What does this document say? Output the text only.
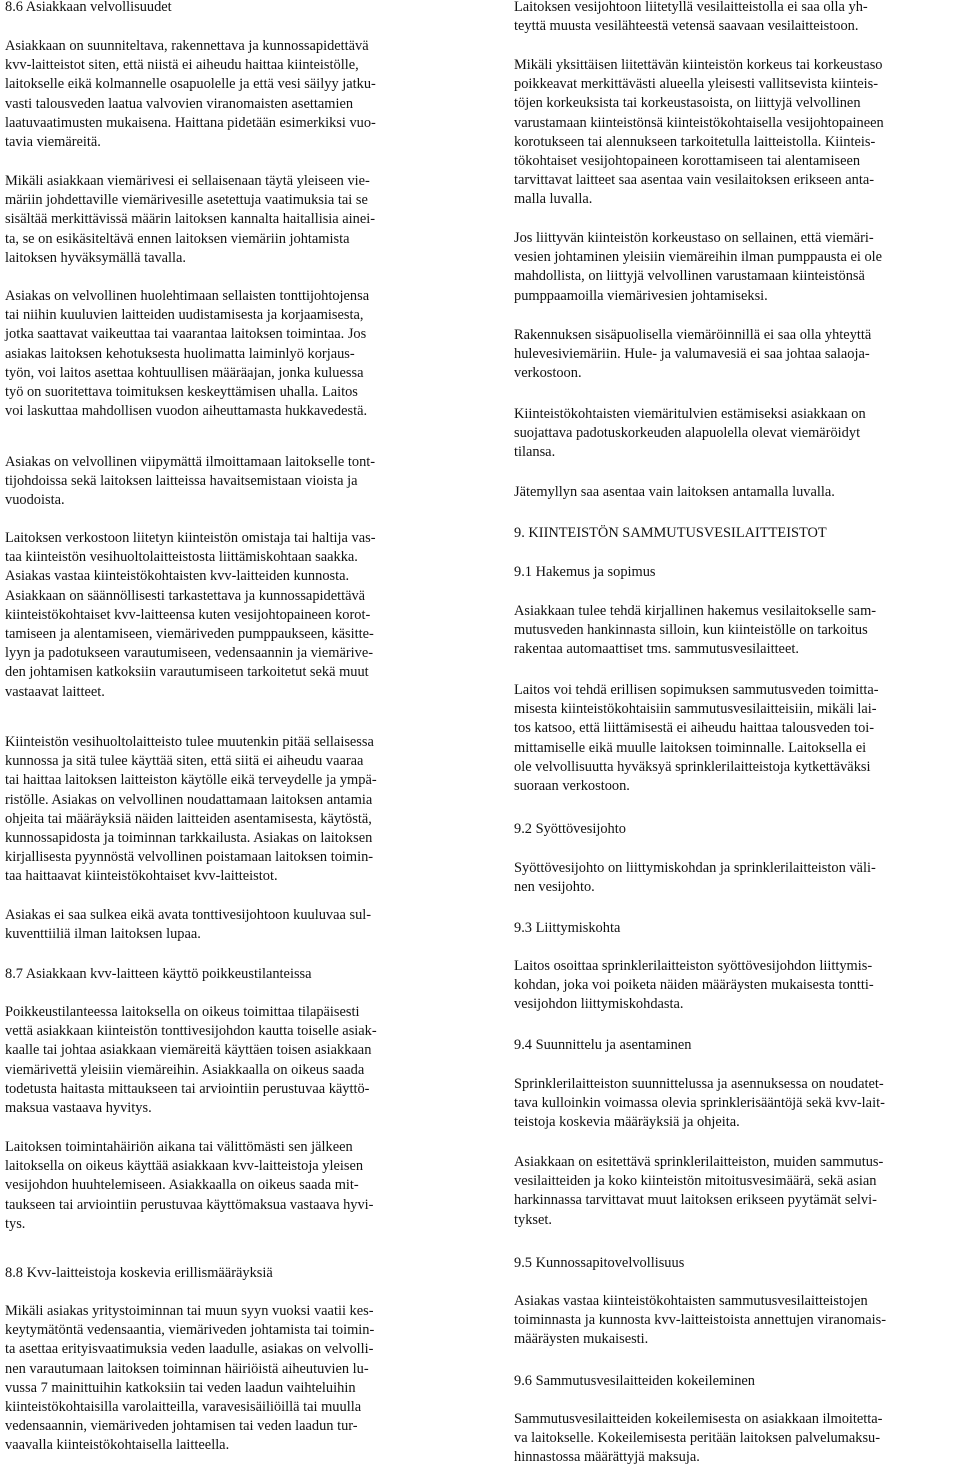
8.6 Asiakkaan velvollisuudet
Asiakkaan on suunniteltava, rakennettava ja kunnossapidettävä
kvv-laitteistot siten, että niistä ei aiheudu haittaa kiinteistölle,
laitokselle eikä kolmannelle osapuolelle ja että vesi säilyy jatku-
vasti talousveden laatua valvovien viranomaisten asettamien
laatuvaatimusten mukaisena. Haittana pidetään esimerkiksi vuo-
tavia viemäreitä.
Mikäli asiakkaan viemärivesi ei sellaisenaan täytä yleiseen vie-
märiin johdettaville viemärivesille asetettuja vaatimuksia tai se
sisältää merkittävissä määrin laitoksen kannalta haitallisia ainei-
ta, se on esikäsiteltävä ennen laitoksen viemäriin johtamista
laitoksen hyväksymällä tavalla.
Asiakas on velvollinen huolehtimaan sellaisten tonttijohtojensa
tai niihin kuuluvien laitteiden uudistamisesta ja korjaamisesta,
jotka saattavat vaikeuttaa tai vaarantaa laitoksen toimintaa. Jos
asiakas laitoksen kehotuksesta huolimatta laiminlyö korjaus-
työn, voi laitos asettaa kohtuullisen määräajan, jonka kuluessa
työ on suoritettava toimituksen keskeyttämisen uhalla. Laitos
voi laskuttaa mahdollisen vuodon aiheuttamasta hukkavedestä.
Asiakas on velvollinen viipymättä ilmoittamaan laitokselle tont-
tijohdoissa sekä laitoksen laitteissa havaitsemistaan vioista ja
vuodoista.
Laitoksen verkostoon liitetyn kiinteistön omistaja tai haltija vas-
taa kiinteistön vesihuoltolaitteistosta liittämiskohtaan saakka.
Asiakas vastaa kiinteistökohtaisten kvv-laitteiden kunnosta.
Asiakkaan on säännöllisesti tarkastettava ja kunnossapidettävä
kiinteistökohtaiset kvv-laitteensa kuten vesijohtopaineen korot-
tamiseen ja alentamiseen, viemäriveden pumppaukseen, käsitte-
lyyn ja padotukseen varautumiseen, vedensaannin ja viemärive-
den johtamisen katkoksiin varautumiseen tarkoitetut sekä muut
vastaavat laitteet.
Kiinteistön vesihuoltolaitteisto tulee muutenkin pitää sellaisessa
kunnossa ja sitä tulee käyttää siten, että siitä ei aiheudu vaaraa
tai haittaa laitoksen laitteiston käytölle eikä terveydelle ja ympä-
ristölle. Asiakas on velvollinen noudattamaan laitoksen antamia
ohjeita tai määräyksiä näiden laitteiden asentamisesta, käytöstä,
kunnossapidosta ja toiminnan tarkkailusta. Asiakas on laitoksen
kirjallisesta pyynnöstä velvollinen poistamaan laitoksen toimin-
taa haittaavat kiinteistökohtaiset kvv-laitteistot.
Asiakas ei saa sulkea eikä avata tonttivesijohtoon kuuluvaa sul-
kuventtiiliä ilman laitoksen lupaa.
8.7 Asiakkaan kvv-laitteen käyttö poikkeustilanteissa
Poikkeustilanteessa laitoksella on oikeus toimittaa tilapäisesti
vettä asiakkaan kiinteistön tonttivesijohdon kautta toiselle asiak-
kaalle tai johtaa asiakkaan viemäreitä käyttäen toisen asiakkaan
viemärivettä yleisiin viemäreihin. Asiakkaalla on oikeus saada
todetusta haitasta mittaukseen tai arviointiin perustuvaa käyttö-
maksua vastaava hyvitys.
Laitoksen toimintahäiriön aikana tai välittömästi sen jälkeen
laitoksella on oikeus käyttää asiakkaan kvv-laitteistoja yleisen
vesijohdon huuhtelemiseen. Asiakkaalla on oikeus saada mit-
taukseen tai arviointiin perustuvaa käyttömaksua vastaava hyvi-
tys.
8.8 Kvv-laitteistoja koskevia erillismääräyksiä
Mikäli asiakas yritystoiminnan tai muun syyn vuoksi vaatii kes-
keytymätöntä vedensaantia, viemäriveden johtamista tai toimin-
ta asettaa erityisvaatimuksia veden laadulle, asiakas on velvolli-
nen varautumaan laitoksen toiminnan häiriöistä aiheutuvien lu-
vussa 7 mainittuihin katkoksiin tai veden laadun vaihteluihin
kiinteistökohtaisilla varolaitteilla, varavesisäiliöillä tai muulla
vedensaannin, viemäriveden johtamisen tai veden laadun tur-
vaavalla kiinteistökohtaisella laitteella.
Laitoksen vesijohtoon liitetyllä vesilaitteistolla ei saa olla yh-
teyttä muusta vesilähteestä vetensä saavaan vesilaitteistoon.
Mikäli yksittäisen liitettävän kiinteistön korkeus tai korkeustaso
poikkeavat merkittävästi alueella yleisesti vallitsevista kiinteis-
töjen korkeuksista tai korkeustasoista, on liittyjä velvollinen
varustamaan kiinteistönsä kiinteistökohtaisella vesijohtopaineen
korotukseen tai alennukseen tarkoitetulla laitteistolla. Kiinteis-
tökohtaiset vesijohtopaineen korottamiseen tai alentamiseen
tarvittavat laitteet saa asentaa vain vesilaitoksen erikseen anta-
malla luvalla.
Jos liittyvän kiinteistön korkeustaso on sellainen, että viemäri-
vesien johtaminen yleisiin viemäreihin ilman pumppausta ei ole
mahdollista, on liittyjä velvollinen varustamaan kiinteistönsä
pumppaamoilla viemärivesien johtamiseksi.
Rakennuksen sisäpuolisella viemäröinnillä ei saa olla yhteyttä
hulevesiviemäriin. Hule- ja valumavesiä ei saa johtaa salaoja-
verkostoon.
Kiinteistökohtaisten viemäritulvien estämiseksi asiakkaan on
suojattava padotuskorkeuden alapuolella olevat viemäröidyt
tilansa.
Jätemyllyn saa asentaa vain laitoksen antamalla luvalla.
9. KIINTEISTÖN SAMMUTUSVESILAITTEISTOT
9.1 Hakemus ja sopimus
Asiakkaan tulee tehdä kirjallinen hakemus vesilaitokselle sam-
mutusveden hankinnasta silloin, kun kiinteistölle on tarkoitus
rakentaa automaattiset tms. sammutusvesilaitteet.
Laitos voi tehdä erillisen sopimuksen sammutusveden toimitta-
misesta kiinteistökohtaisiin sammutusvesilaitteisiin, mikäli lai-
tos katsoo, että liittämisestä ei aiheudu haittaa talousveden toi-
mittamiselle eikä muulle laitoksen toiminnalle. Laitoksella ei
ole velvollisuutta hyväksyä sprinklerilaitteistoja kytkettäväksi
suoraan verkostoon.
9.2 Syöttövesijohto
Syöttövesijohto on liittymiskohdan ja sprinklerilaitteiston väli-
nen vesijohto.
9.3 Liittymiskohta
Laitos osoittaa sprinklerilaitteiston syöttövesijohdon liittymis-
kohdan, joka voi poiketa näiden määräysten mukaisesta tontti-
vesijohdon liittymiskohdasta.
9.4 Suunnittelu ja asentaminen
Sprinklerilaitteiston suunnittelussa ja asennuksessa on noudatet-
tava kulloinkin voimassa olevia sprinklerisääntöjä sekä kvv-lait-
teistoja koskevia määräyksiä ja ohjeita.
Asiakkaan on esitettävä sprinklerilaitteiston, muiden sammutus-
vesilaitteiden ja koko kiinteistön mitoitusvesimäärä, sekä asian
harkinnassa tarvittavat muut laitoksen erikseen pyytämät selvi-
tykset.
9.5 Kunnossapitovelvollisuus
Asiakas vastaa kiinteistökohtaisten sammutusvesilaitteistojen
toiminnasta ja kunnosta kvv-laitteistoista annettujen viranomais-
määräysten mukaisesti.
9.6 Sammutusvesilaitteiden kokeileminen
Sammutusvesilaitteiden kokeilemisesta on asiakkaan ilmoitetta-
va laitokselle. Kokeilemisesta peritään laitoksen palvelumaksu-
hinnastossa määrättyjä maksuja.
